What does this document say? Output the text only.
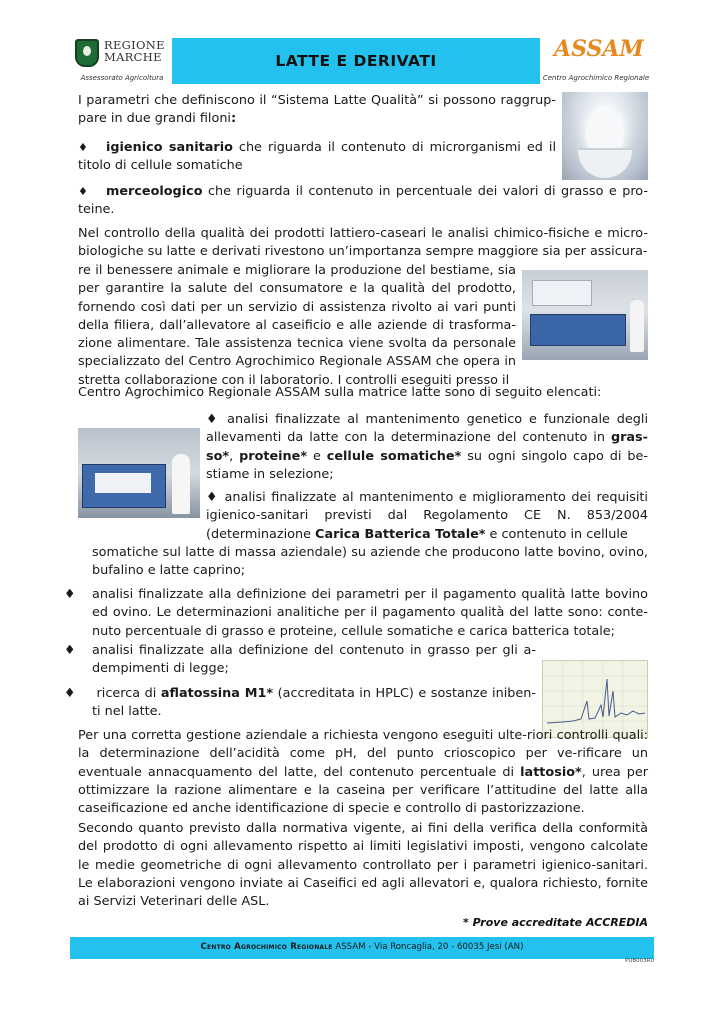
REGIONE
MARCHE
Assessorato Agricoltura
LATTE E DERIVATI	ASSAM
Centro Agrochimico Regionale
I parametri che definiscono il “Sistema Latte Qualità” si possono raggrup-pare in due grandi filoni:
♦ igienico sanitario che riguarda il contenuto di microrganismi ed il titolo di cellule somatiche
♦ merceologico che riguarda il contenuto in percentuale dei valori di grasso e pro-teine.
Nel controllo della qualità dei prodotti lattiero-caseari le analisi chimico-fisiche e micro-biologiche su latte e derivati rivestono un’importanza sempre maggiore sia per assicura-
re il benessere animale e migliorare la produzione del bestiame, sia per garantire la salute del consumatore e la qualità del prodotto, fornendo così dati per un servizio di assistenza rivolto ai vari punti della filiera, dall’allevatore al caseificio e alle aziende di trasforma-zione alimentare. Tale assistenza tecnica viene svolta da personale specializzato del Centro Agrochimico Regionale ASSAM che opera in stretta collaborazione con il laboratorio. I controlli eseguiti presso il
Centro Agrochimico Regionale ASSAM sulla matrice latte sono di seguito elencati:
♦ analisi finalizzate al mantenimento genetico e funzionale degli allevamenti da latte con la determinazione del contenuto in gras-so*, proteine* e cellule somatiche* su ogni singolo capo di be-stiame in selezione;
♦ analisi finalizzate al mantenimento e miglioramento dei requisiti igienico-sanitari previsti dal Regolamento CE N. 853/2004 (determinazione Carica Batterica Totale* e contenuto in cellule
somatiche sul latte di massa aziendale) su aziende che producono latte bovino, ovino, bufalino e latte caprino;
♦ analisi finalizzate alla definizione dei parametri per il pagamento qualità latte bovino ed ovino. Le determinazioni analitiche per il pagamento qualità del latte sono: conte-nuto percentuale di grasso e proteine, cellule somatiche e carica batterica totale;
♦ analisi finalizzate alla definizione del contenuto in grasso per gli a-dempimenti di legge;
♦ ricerca di aflatossina M1* (accreditata in HPLC) e sostanze iniben-ti nel latte.
Per una corretta gestione aziendale a richiesta vengono eseguiti ulte-riori controlli quali: la determinazione dell’acidità come pH, del punto crioscopico per ve-rificare un eventuale annacquamento del latte, del contenuto percentuale di lattosio*, urea per ottimizzare la razione alimentare e la caseina per verificare l’attitudine del latte alla caseificazione ed anche identificazione di specie e controllo di pastorizzazione.
Secondo quanto previsto dalla normativa vigente, ai fini della verifica della conformità del prodotto di ogni allevamento rispetto ai limiti legislativi imposti, vengono calcolate le medie geometriche di ogni allevamento controllato per i parametri igienico-sanitari. Le elaborazioni vengono inviate ai Caseifici ed agli allevatori e, qualora richiesto, fornite ai Servizi Veterinari delle ASL.
* Prove accreditate ACCREDIA
Centro Agrochimico Regionale ASSAM - Via Roncaglia, 20 - 60035 Jesi (AN)
PUB003R0
